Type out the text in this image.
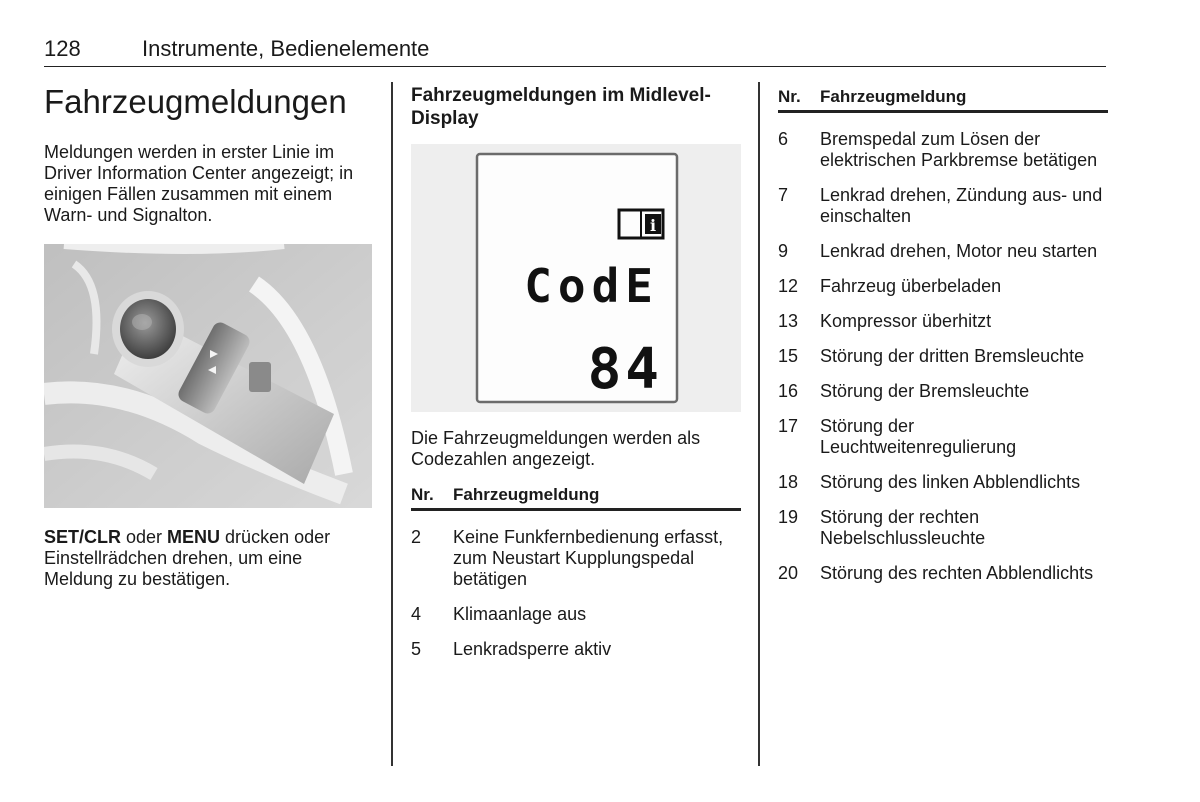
128	Instrumente, Bedienelemente
Fahrzeugmeldungen

Meldungen werden in erster Linie im Driver Information Center angezeigt; in einigen Fällen zusammen mit einem Warn- und Signalton.

SET/CLR oder MENU drücken oder Einstellrädchen drehen, um eine Meldung zu bestätigen.

Fahrzeugmeldungen im Midlevel-Display
i
CodE
84

Die Fahrzeugmeldungen werden als Codezahlen angezeigt.

Nr.	Fahrzeugmeldung
2	Keine Funkfernbedienung erfasst, zum Neustart Kupplungspedal betätigen
4	Klimaanlage aus
5	Lenkradsperre aktiv
Nr.	Fahrzeugmeldung
6	Bremspedal zum Lösen der elektrischen Parkbremse betätigen
7	Lenkrad drehen, Zündung aus- und einschalten
9	Lenkrad drehen, Motor neu starten
12	Fahrzeug überbeladen
13	Kompressor überhitzt
15	Störung der dritten Bremsleuchte
16	Störung der Bremsleuchte
17	Störung der Leuchtweitenregulierung
18	Störung des linken Abblendlichts
19	Störung der rechten Nebelschlussleuchte
20	Störung des rechten Abblendlichts
